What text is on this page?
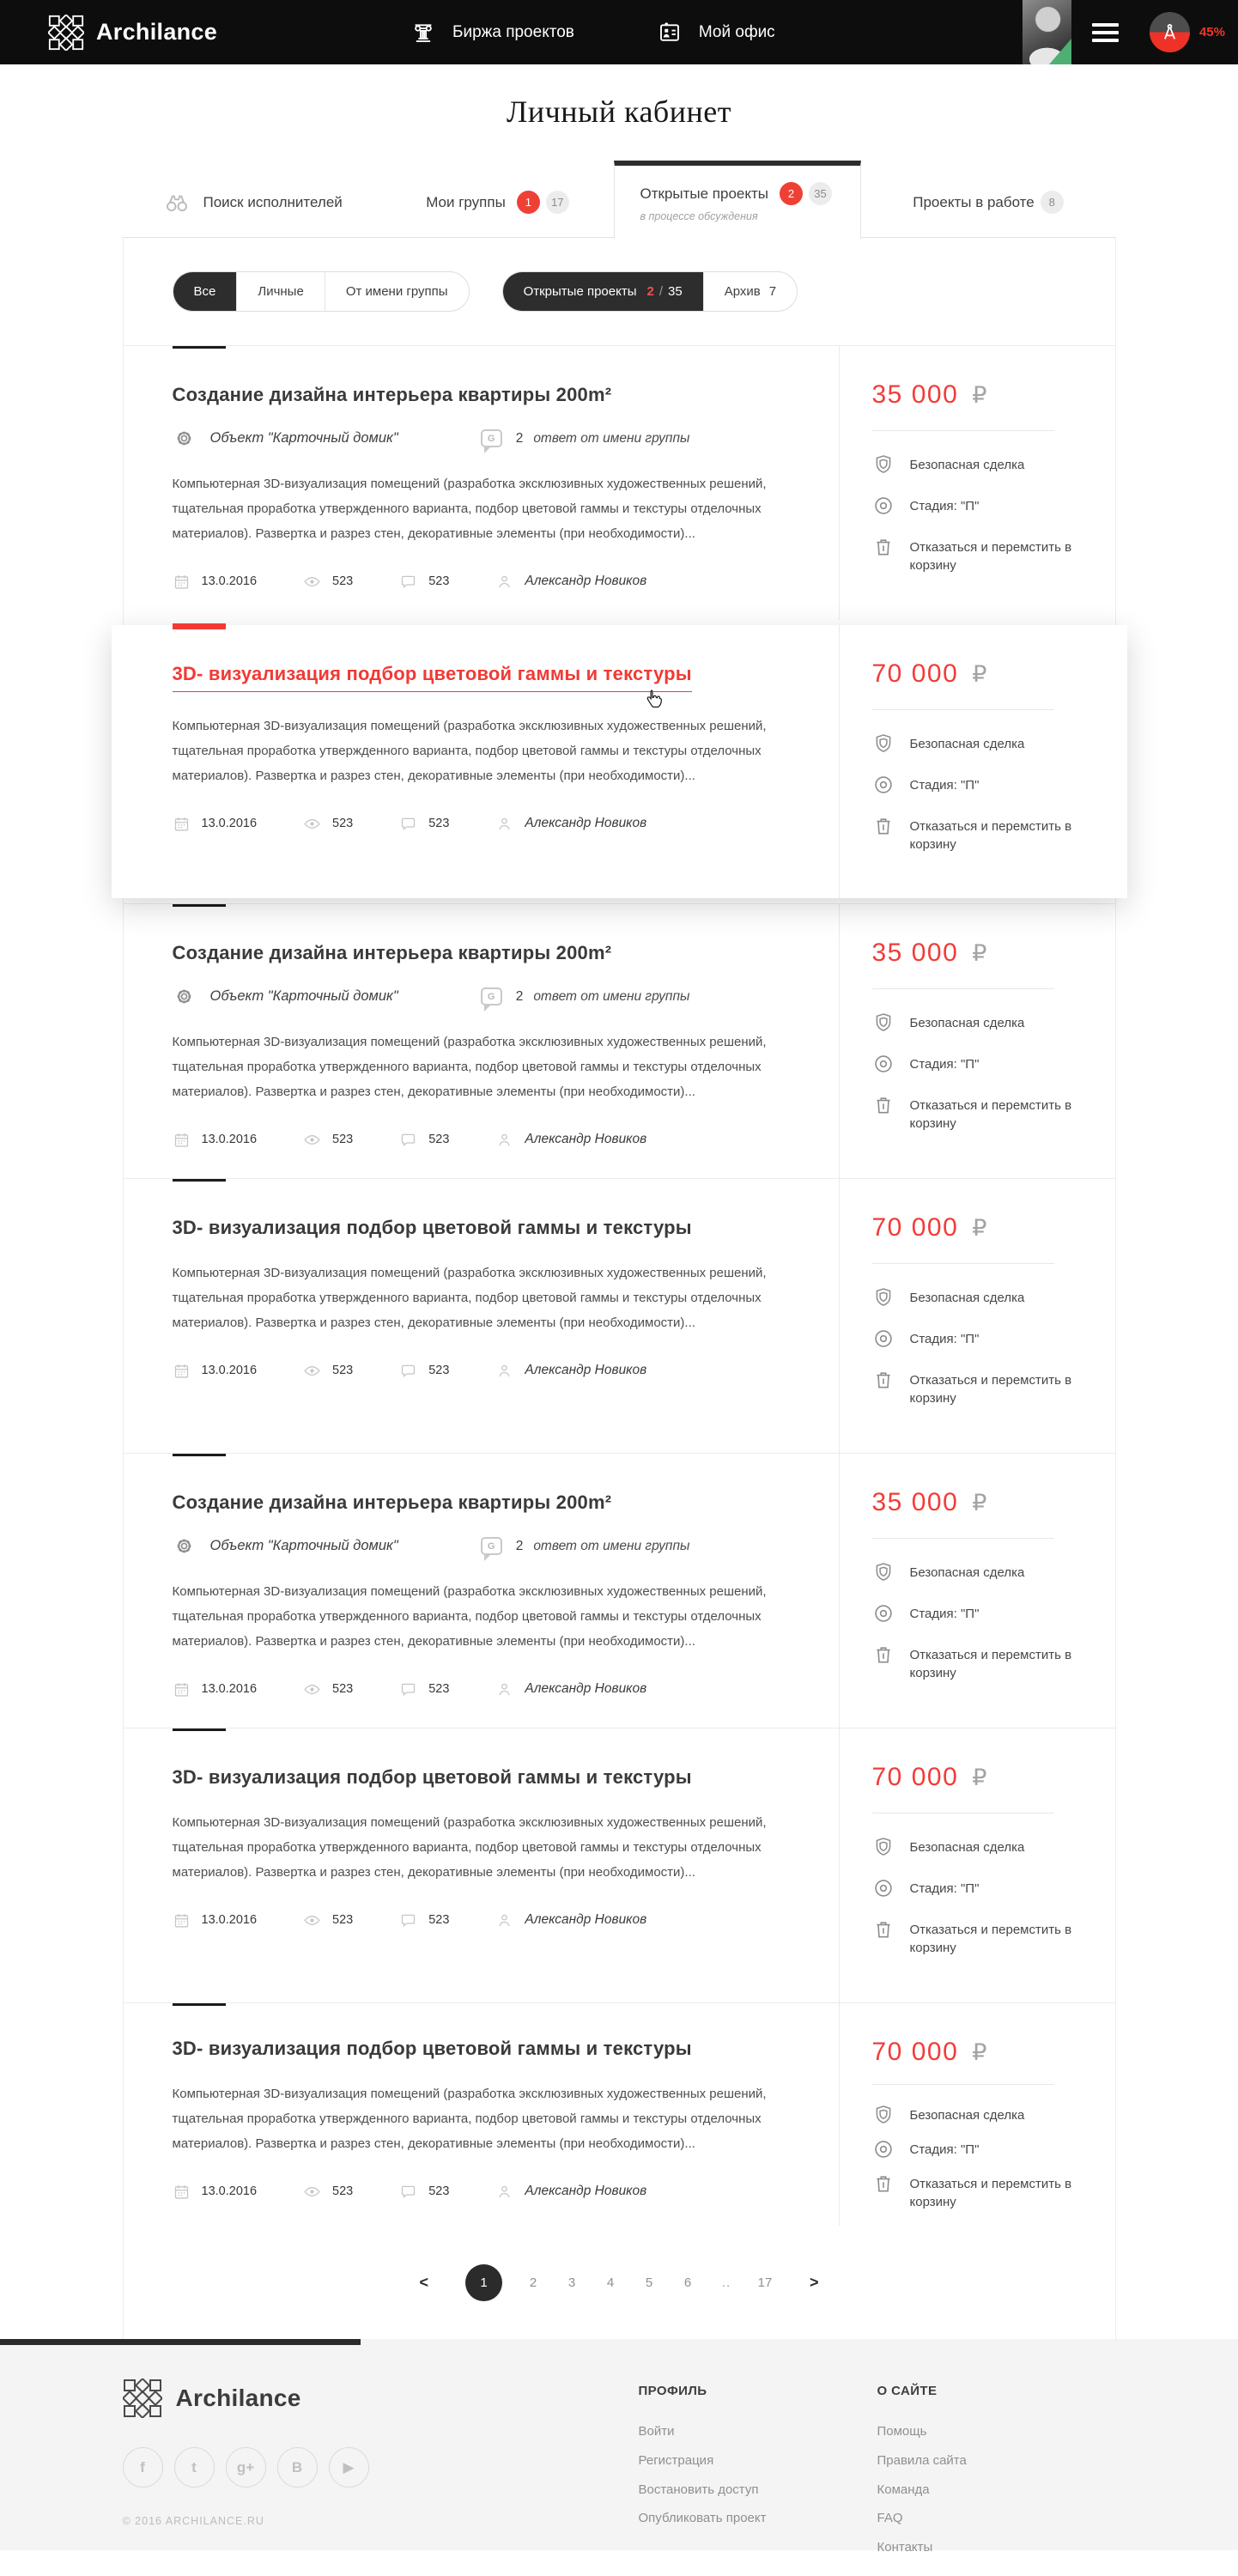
Archilance	Биржа проектов	Мой офис	45%
Личный кабинет
Поиск исполнителей	Мои группы	1	17
Открытые проекты	2	35
в процессе обсуждения
Проекты в работе	8
Все	Личные	От имени группы	Открытые проекты 2 / 35	Архив 7
Создание дизайна интерьера квартиры 200m²
Объект "Карточный домик"	G	2 ответ от имени группы

Компьютерная 3D-визуализация помещений (разработка эксклюзивных художественных решений, тщательная проработка утвержденного варианта, подбор цветовой гаммы и текстуры отделочных материалов). Развертка и разрез стен, декоративные элементы (при необходимости)...

13.0.2016	523	523	Александр Новиков
35 000 ₽
Безопасная сделка
Стадия: "П"
Отказаться и перемстить в корзину
3D- визуализация подбор цветовой гаммы и текстуры

Компьютерная 3D-визуализация помещений (разработка эксклюзивных художественных решений, тщательная проработка утвержденного варианта, подбор цветовой гаммы и текстуры отделочных материалов). Развертка и разрез стен, декоративные элементы (при необходимости)...

13.0.2016	523	523	Александр Новиков
70 000 ₽
Безопасная сделка
Стадия: "П"
Отказаться и перемстить в корзину
Создание дизайна интерьера квартиры 200m²
Объект "Карточный домик"	G	2 ответ от имени группы

Компьютерная 3D-визуализация помещений (разработка эксклюзивных художественных решений, тщательная проработка утвержденного варианта, подбор цветовой гаммы и текстуры отделочных материалов). Развертка и разрез стен, декоративные элементы (при необходимости)...

13.0.2016	523	523	Александр Новиков
35 000 ₽
Безопасная сделка
Стадия: "П"
Отказаться и перемстить в корзину
3D- визуализация подбор цветовой гаммы и текстуры

Компьютерная 3D-визуализация помещений (разработка эксклюзивных художественных решений, тщательная проработка утвержденного варианта, подбор цветовой гаммы и текстуры отделочных материалов). Развертка и разрез стен, декоративные элементы (при необходимости)...

13.0.2016	523	523	Александр Новиков
70 000 ₽
Безопасная сделка
Стадия: "П"
Отказаться и перемстить в корзину
Создание дизайна интерьера квартиры 200m²
Объект "Карточный домик"	G	2 ответ от имени группы

Компьютерная 3D-визуализация помещений (разработка эксклюзивных художественных решений, тщательная проработка утвержденного варианта, подбор цветовой гаммы и текстуры отделочных материалов). Развертка и разрез стен, декоративные элементы (при необходимости)...

13.0.2016	523	523	Александр Новиков
35 000 ₽
Безопасная сделка
Стадия: "П"
Отказаться и перемстить в корзину
3D- визуализация подбор цветовой гаммы и текстуры

Компьютерная 3D-визуализация помещений (разработка эксклюзивных художественных решений, тщательная проработка утвержденного варианта, подбор цветовой гаммы и текстуры отделочных материалов). Развертка и разрез стен, декоративные элементы (при необходимости)...

13.0.2016	523	523	Александр Новиков
70 000 ₽
Безопасная сделка
Стадия: "П"
Отказаться и перемстить в корзину
3D- визуализация подбор цветовой гаммы и текстуры

Компьютерная 3D-визуализация помещений (разработка эксклюзивных художественных решений, тщательная проработка утвержденного варианта, подбор цветовой гаммы и текстуры отделочных материалов). Развертка и разрез стен, декоративные элементы (при необходимости)...

13.0.2016	523	523	Александр Новиков
70 000 ₽
Безопасная сделка
Стадия: "П"
Отказаться и перемстить в корзину
<	1	2	3	4	5	6	.. 17 >
Archilance
f	t	g+	B	▶
© 2016 ARCHILANCE.RU
ПРОФИЛЬ
Войти
Регистрация
Востановить доступ
Опубликовать проект
О САЙТЕ
Помощь
Правила сайта
Команда
FAQ
Контакты
